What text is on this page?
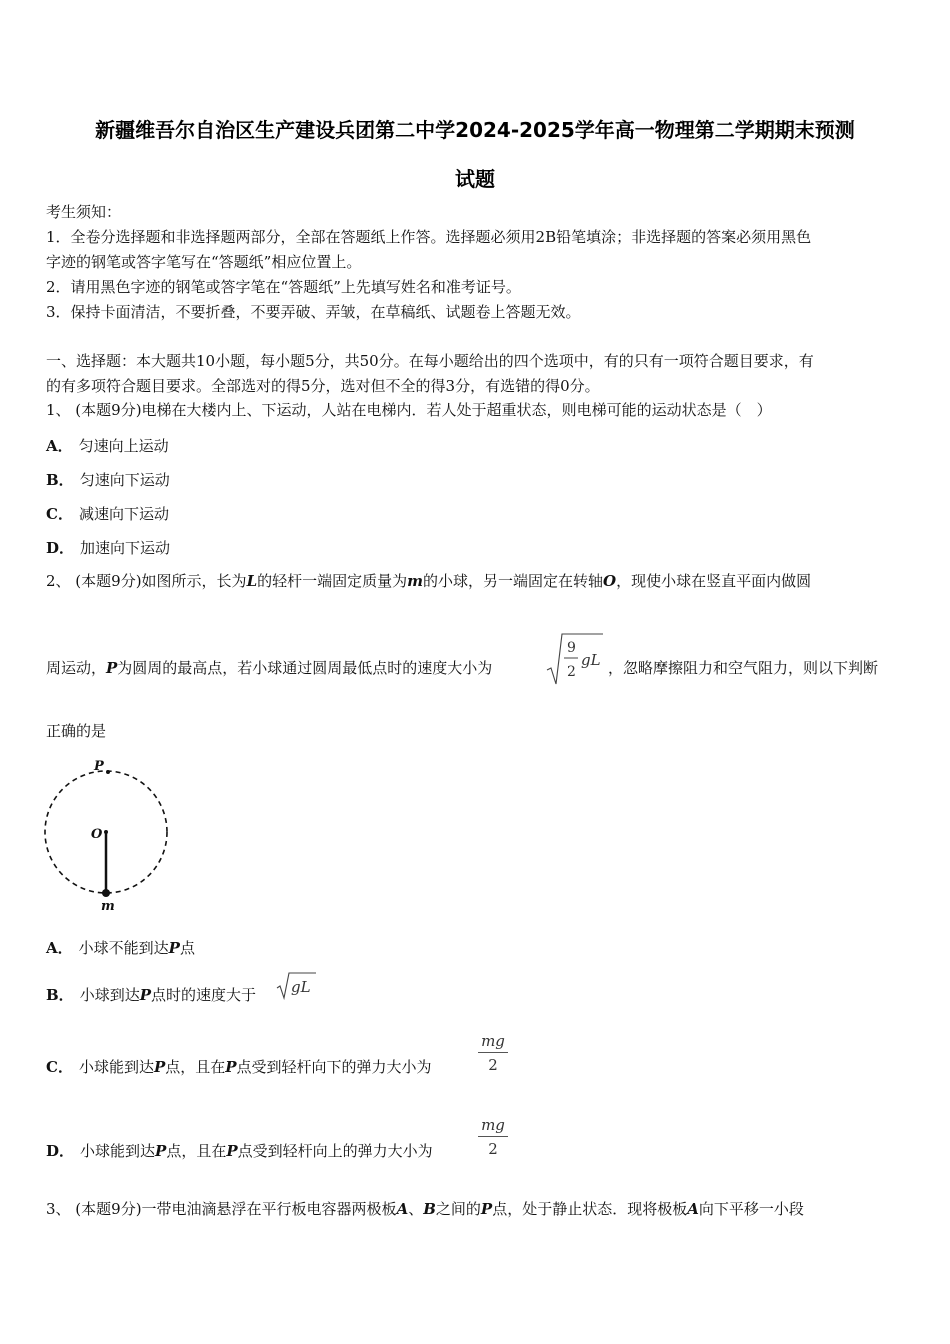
新疆维吾尔自治区生产建设兵团第二中学2024-2025学年高一物理第二学期期末预测
试题
考生须知：
1．全卷分选择题和非选择题两部分，全部在答题纸上作答。选择题必须用2B铅笔填涂；非选择题的答案必须用黑色
字迹的钢笔或答字笔写在“答题纸”相应位置上。
2．请用黑色字迹的钢笔或答字笔在“答题纸”上先填写姓名和准考证号。
3．保持卡面清洁，不要折叠，不要弄破、弄皱，在草稿纸、试题卷上答题无效。
一、选择题：本大题共10小题，每小题5分，共50分。在每小题给出的四个选项中，有的只有一项符合题目要求，有
的有多项符合题目要求。全部选对的得5分，选对但不全的得3分，有选错的得0分。
1、 (本题9分)电梯在大楼内上、下运动，人站在电梯内．若人处于超重状态，则电梯可能的运动状态是（　）
A． 匀速向上运动
B． 匀速向下运动
C． 减速向下运动
D． 加速向下运动
2、 (本题9分)如图所示，长为L的轻杆一端固定质量为m的小球，另一端固定在转轴O，现使小球在竖直平面内做圆
周运动，P为圆周的最高点，若小球通过圆周最低点时的速度大小为
9
2
gL ，忽略摩擦阻力和空气阻力，则以下判断
正确的是
P
O
m
A． 小球不能到达P点
B． 小球到达P点时的速度大于 gL
C． 小球能到达P点，且在P点受到轻杆向下的弹力大小为	$\frac{mg}{2}$
D． 小球能到达P点，且在P点受到轻杆向上的弹力大小为	$\frac{mg}{2}$
3、 (本题9分)一带电油滴悬浮在平行板电容器两极板A、B之间的P点，处于静止状态．现将极板A向下平移一小段
